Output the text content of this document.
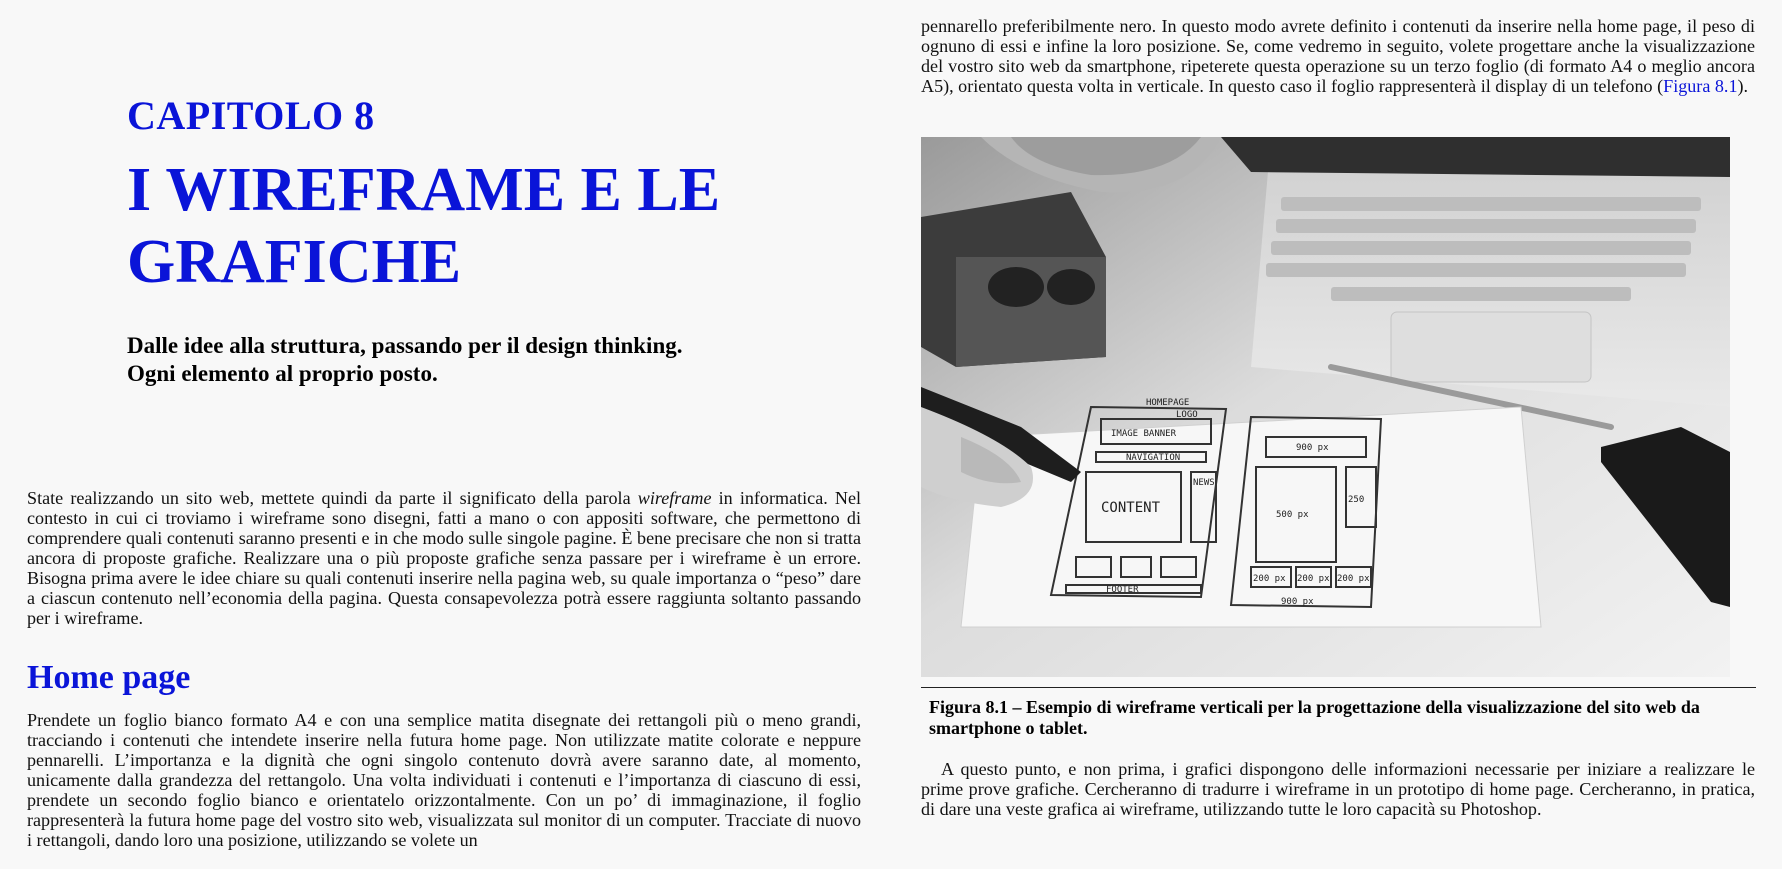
CAPITOLO 8
I WIREFRAME E LE
GRAFICHE

Dalle idee alla struttura, passando per il design thinking.
Ogni elemento al proprio posto.

State realizzando un sito web, mettete quindi da parte il significato della parola wireframe in informatica. Nel contesto in cui ci troviamo i wireframe sono disegni, fatti a mano o con appositi software, che permettono di comprendere quali contenuti saranno presenti e in che modo sulle singole pagine. È bene precisare che non si tratta ancora di proposte grafiche. Realizzare una o più proposte grafiche senza passare per i wireframe è un errore. Bisogna prima avere le idee chiare su quali contenuti inserire nella pagina web, su quale importanza o “peso” dare a ciascun contenuto nell’economia della pagina. Questa consapevolezza potrà essere raggiunta soltanto passando per i wireframe.

Home page

Prendete un foglio bianco formato A4 e con una semplice matita disegnate dei rettangoli più o meno grandi, tracciando i contenuti che intendete inserire nella futura home page. Non utilizzate matite colorate e neppure pennarelli. L’importanza e la dignità che ogni singolo contenuto dovrà avere saranno date, al momento, unicamente dalla grandezza del rettangolo. Una volta individuati i contenuti e l’importanza di ciascuno di essi, prendete un secondo foglio bianco e orientatelo orizzontalmente. Con un po’ di immaginazione, il foglio rappresenterà la futura home page del vostro sito web, visualizzata sul monitor di un computer. Tracciate di nuovo i rettangoli, dando loro una posizione, utilizzando se volete un

pennarello preferibilmente nero. In questo modo avrete definito i contenuti da inserire nella home page, il peso di ognuno di essi e infine la loro posizione. Se, come vedremo in seguito, volete progettare anche la visualizzazione del vostro sito web da smartphone, ripeterete questa operazione su un terzo foglio (di formato A4 o meglio ancora A5), orientato questa volta in verticale. In questo caso il foglio rappresenterà il display di un telefono (Figura 8.1).

HOMEPAGE
LOGO
IMAGE BANNER
NAVIGATION
CONTENT
NEWS
FOOTER
900 px
500 px
250
200 px 200 px 200 px
900 px

Figura 8.1 – Esempio di wireframe verticali per la progettazione della visualizzazione del sito web da smartphone o tablet.

A questo punto, e non prima, i grafici dispongono delle informazioni necessarie per iniziare a realizzare le prime prove grafiche. Cercheranno di tradurre i wireframe in un prototipo di home page. Cercheranno, in pratica, di dare una veste grafica ai wireframe, utilizzando tutte le loro capacità su Photoshop.
